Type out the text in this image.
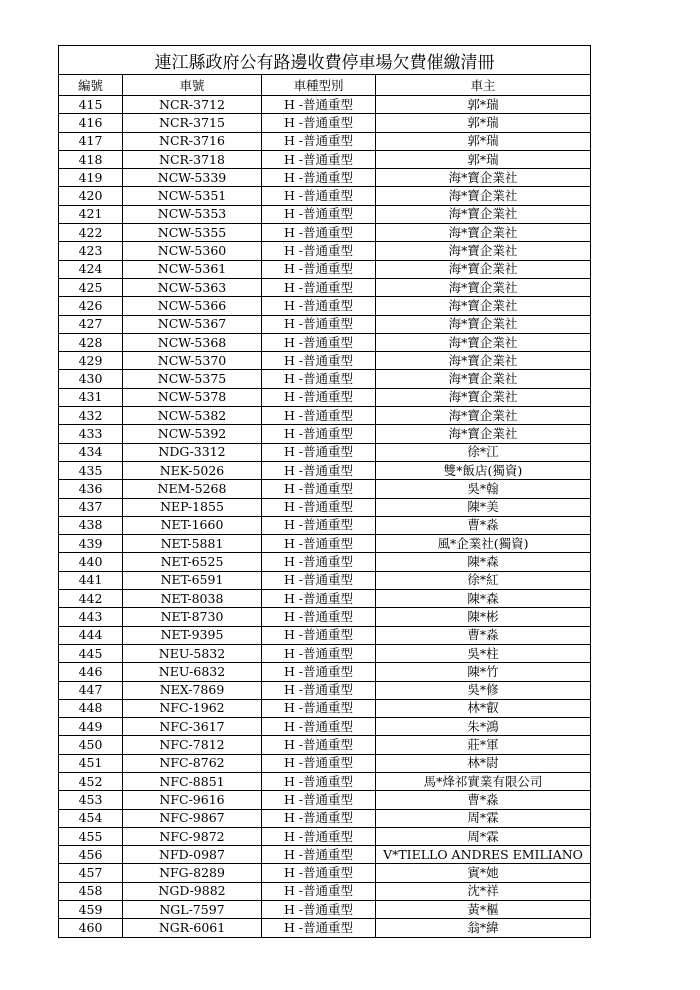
連江縣政府公有路邊收費停車場欠費催繳清冊			
編號	車號	車種型別	車主
415	NCR-3712	H -普通重型	郭*瑞
416	NCR-3715	H -普通重型	郭*瑞
417	NCR-3716	H -普通重型	郭*瑞
418	NCR-3718	H -普通重型	郭*瑞
419	NCW-5339	H -普通重型	海*寶企業社
420	NCW-5351	H -普通重型	海*寶企業社
421	NCW-5353	H -普通重型	海*寶企業社
422	NCW-5355	H -普通重型	海*寶企業社
423	NCW-5360	H -普通重型	海*寶企業社
424	NCW-5361	H -普通重型	海*寶企業社
425	NCW-5363	H -普通重型	海*寶企業社
426	NCW-5366	H -普通重型	海*寶企業社
427	NCW-5367	H -普通重型	海*寶企業社
428	NCW-5368	H -普通重型	海*寶企業社
429	NCW-5370	H -普通重型	海*寶企業社
430	NCW-5375	H -普通重型	海*寶企業社
431	NCW-5378	H -普通重型	海*寶企業社
432	NCW-5382	H -普通重型	海*寶企業社
433	NCW-5392	H -普通重型	海*寶企業社
434	NDG-3312	H -普通重型	徐*江
435	NEK-5026	H -普通重型	雙*飯店(獨資)
436	NEM-5268	H -普通重型	吳*翰
437	NEP-1855	H -普通重型	陳*美
438	NET-1660	H -普通重型	曹*淼
439	NET-5881	H -普通重型	風*企業社(獨資)
440	NET-6525	H -普通重型	陳*森
441	NET-6591	H -普通重型	徐*紅
442	NET-8038	H -普通重型	陳*森
443	NET-8730	H -普通重型	陳*彬
444	NET-9395	H -普通重型	曹*淼
445	NEU-5832	H -普通重型	吳*柱
446	NEU-6832	H -普通重型	陳*竹
447	NEX-7869	H -普通重型	吳*修
448	NFC-1962	H -普通重型	林*叡
449	NFC-3617	H -普通重型	朱*鴻
450	NFC-7812	H -普通重型	莊*軍
451	NFC-8762	H -普通重型	林*尉
452	NFC-8851	H -普通重型	馬*烽祁實業有限公司
453	NFC-9616	H -普通重型	曹*淼
454	NFC-9867	H -普通重型	周*霖
455	NFC-9872	H -普通重型	周*霖
456	NFD-0987	H -普通重型	V*TIELLO ANDRES EMILIANO
457	NFG-8289	H -普通重型	賓*她
458	NGD-9882	H -普通重型	沈*祥
459	NGL-7597	H -普通重型	黃*樞
460	NGR-6061	H -普通重型	翁*緯
